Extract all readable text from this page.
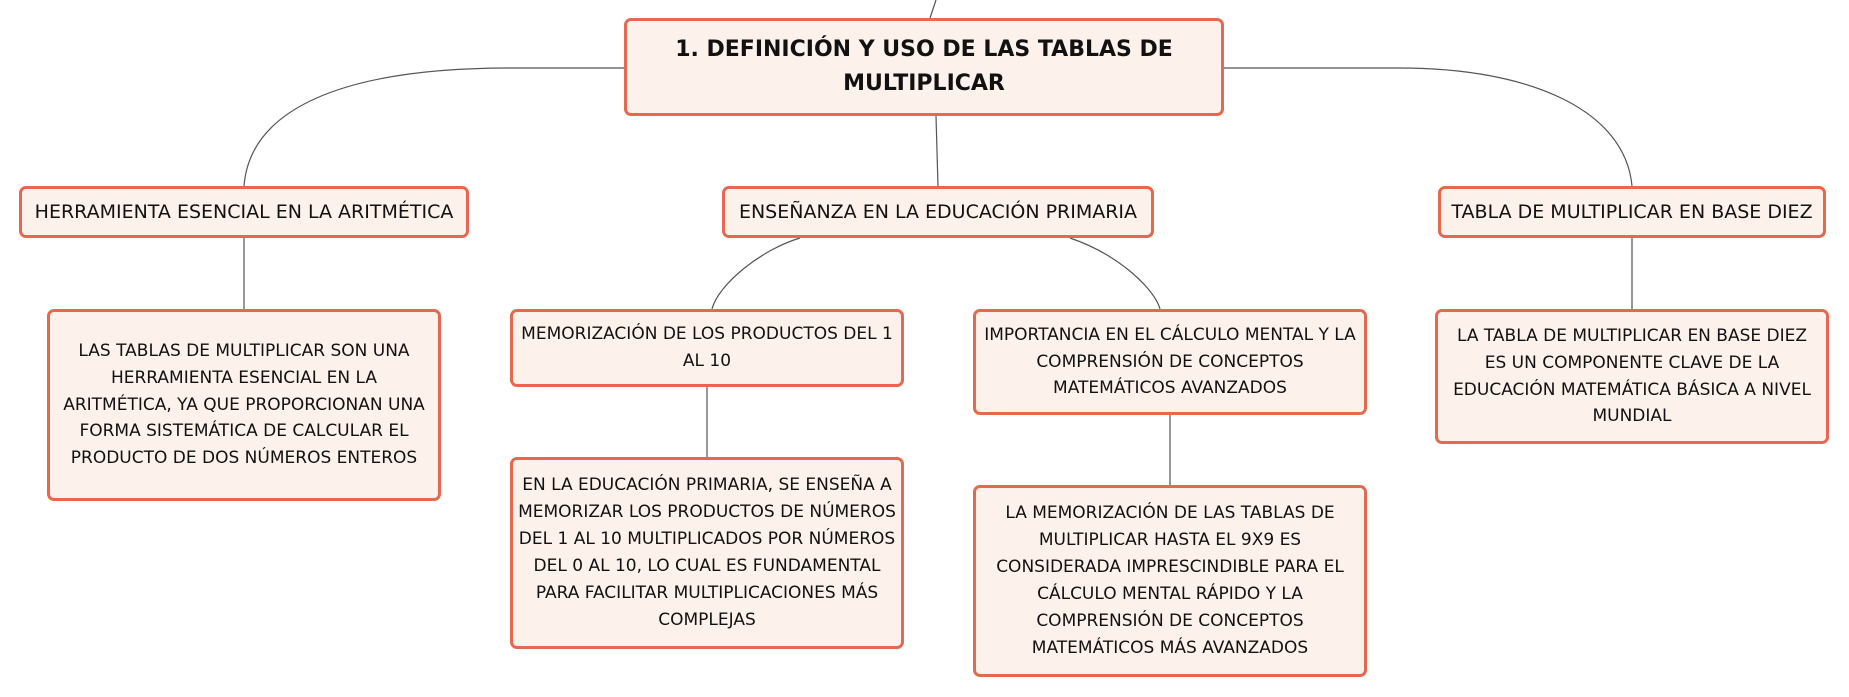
1. DEFINICIÓN Y USO DE LAS TABLAS DE MULTIPLICAR
HERRAMIENTA ESENCIAL EN LA ARITMÉTICA	ENSEÑANZA EN LA EDUCACIÓN PRIMARIA	TABLA DE MULTIPLICAR EN BASE DIEZ
LAS TABLAS DE MULTIPLICAR SON UNA HERRAMIENTA ESENCIAL EN LA ARITMÉTICA, YA QUE PROPORCIONAN UNA FORMA SISTEMÁTICA DE CALCULAR EL PRODUCTO DE DOS NÚMEROS ENTEROS
MEMORIZACIÓN DE LOS PRODUCTOS DEL 1 AL 10
IMPORTANCIA EN EL CÁLCULO MENTAL Y LA COMPRENSIÓN DE CONCEPTOS MATEMÁTICOS AVANZADOS
LA TABLA DE MULTIPLICAR EN BASE DIEZ ES UN COMPONENTE CLAVE DE LA EDUCACIÓN MATEMÁTICA BÁSICA A NIVEL MUNDIAL
EN LA EDUCACIÓN PRIMARIA, SE ENSEÑA A MEMORIZAR LOS PRODUCTOS DE NÚMEROS DEL 1 AL 10 MULTIPLICADOS POR NÚMEROS DEL 0 AL 10, LO CUAL ES FUNDAMENTAL PARA FACILITAR MULTIPLICACIONES MÁS COMPLEJAS
LA MEMORIZACIÓN DE LAS TABLAS DE MULTIPLICAR HASTA EL 9X9 ES CONSIDERADA IMPRESCINDIBLE PARA EL CÁLCULO MENTAL RÁPIDO Y LA COMPRENSIÓN DE CONCEPTOS MATEMÁTICOS MÁS AVANZADOS
